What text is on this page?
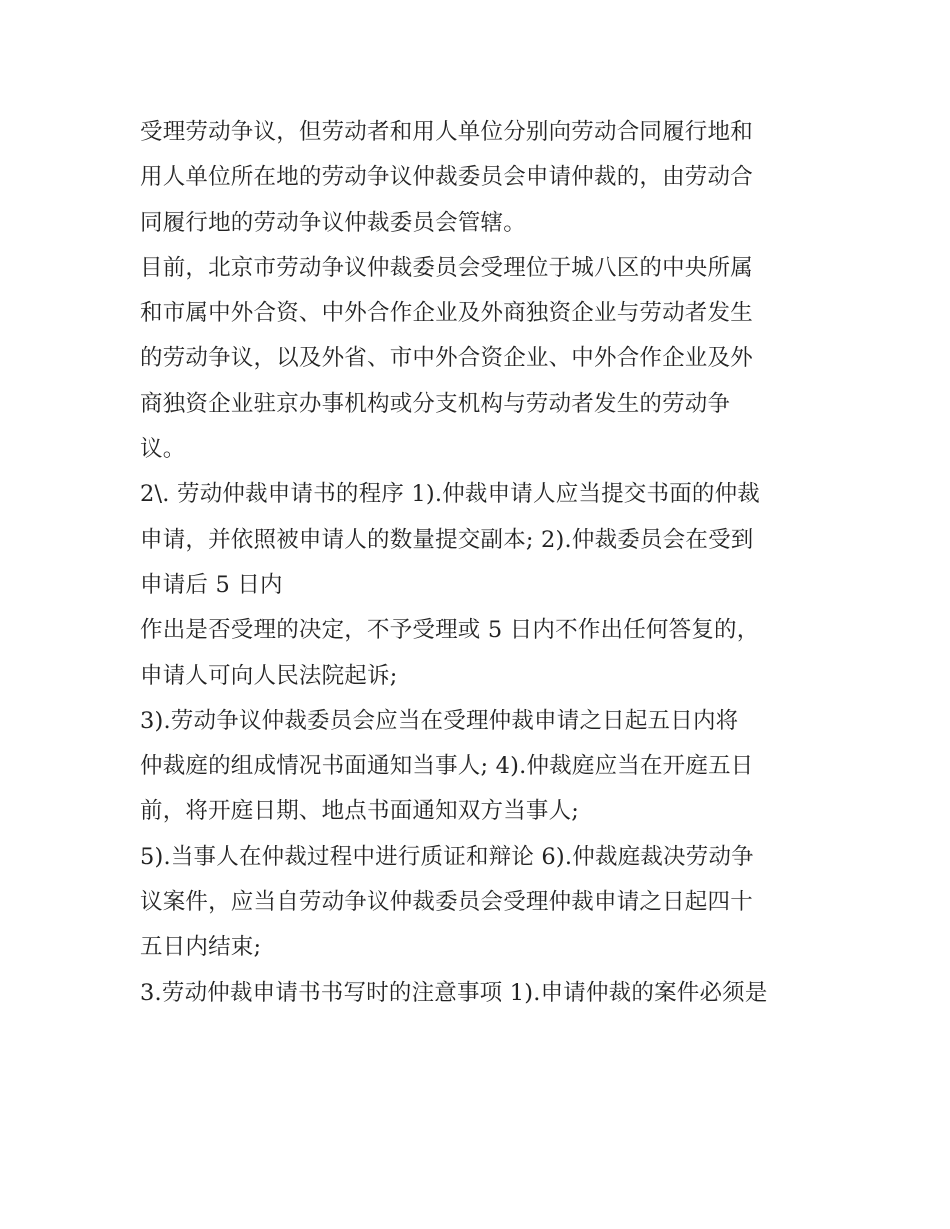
受理劳动争议，但劳动者和用人单位分别向劳动合同履行地和
用人单位所在地的劳动争议仲裁委员会申请仲裁的，由劳动合
同履行地的劳动争议仲裁委员会管辖。
目前，北京市劳动争议仲裁委员会受理位于城八区的中央所属
和市属中外合资、中外合作企业及外商独资企业与劳动者发生
的劳动争议，以及外省、市中外合资企业、中外合作企业及外
商独资企业驻京办事机构或分支机构与劳动者发生的劳动争
议。
2\. 劳动仲裁申请书的程序 1).仲裁申请人应当提交书面的仲裁
申请，并依照被申请人的数量提交副本; 2).仲裁委员会在受到
申请后 5 日内
作出是否受理的决定，不予受理或 5 日内不作出任何答复的，
申请人可向人民法院起诉;
3).劳动争议仲裁委员会应当在受理仲裁申请之日起五日内将
仲裁庭的组成情况书面通知当事人; 4).仲裁庭应当在开庭五日
前，将开庭日期、地点书面通知双方当事人;
5).当事人在仲裁过程中进行质证和辩论 6).仲裁庭裁决劳动争
议案件，应当自劳动争议仲裁委员会受理仲裁申请之日起四十
五日内结束;
3.劳动仲裁申请书书写时的注意事项 1).申请仲裁的案件必须是
